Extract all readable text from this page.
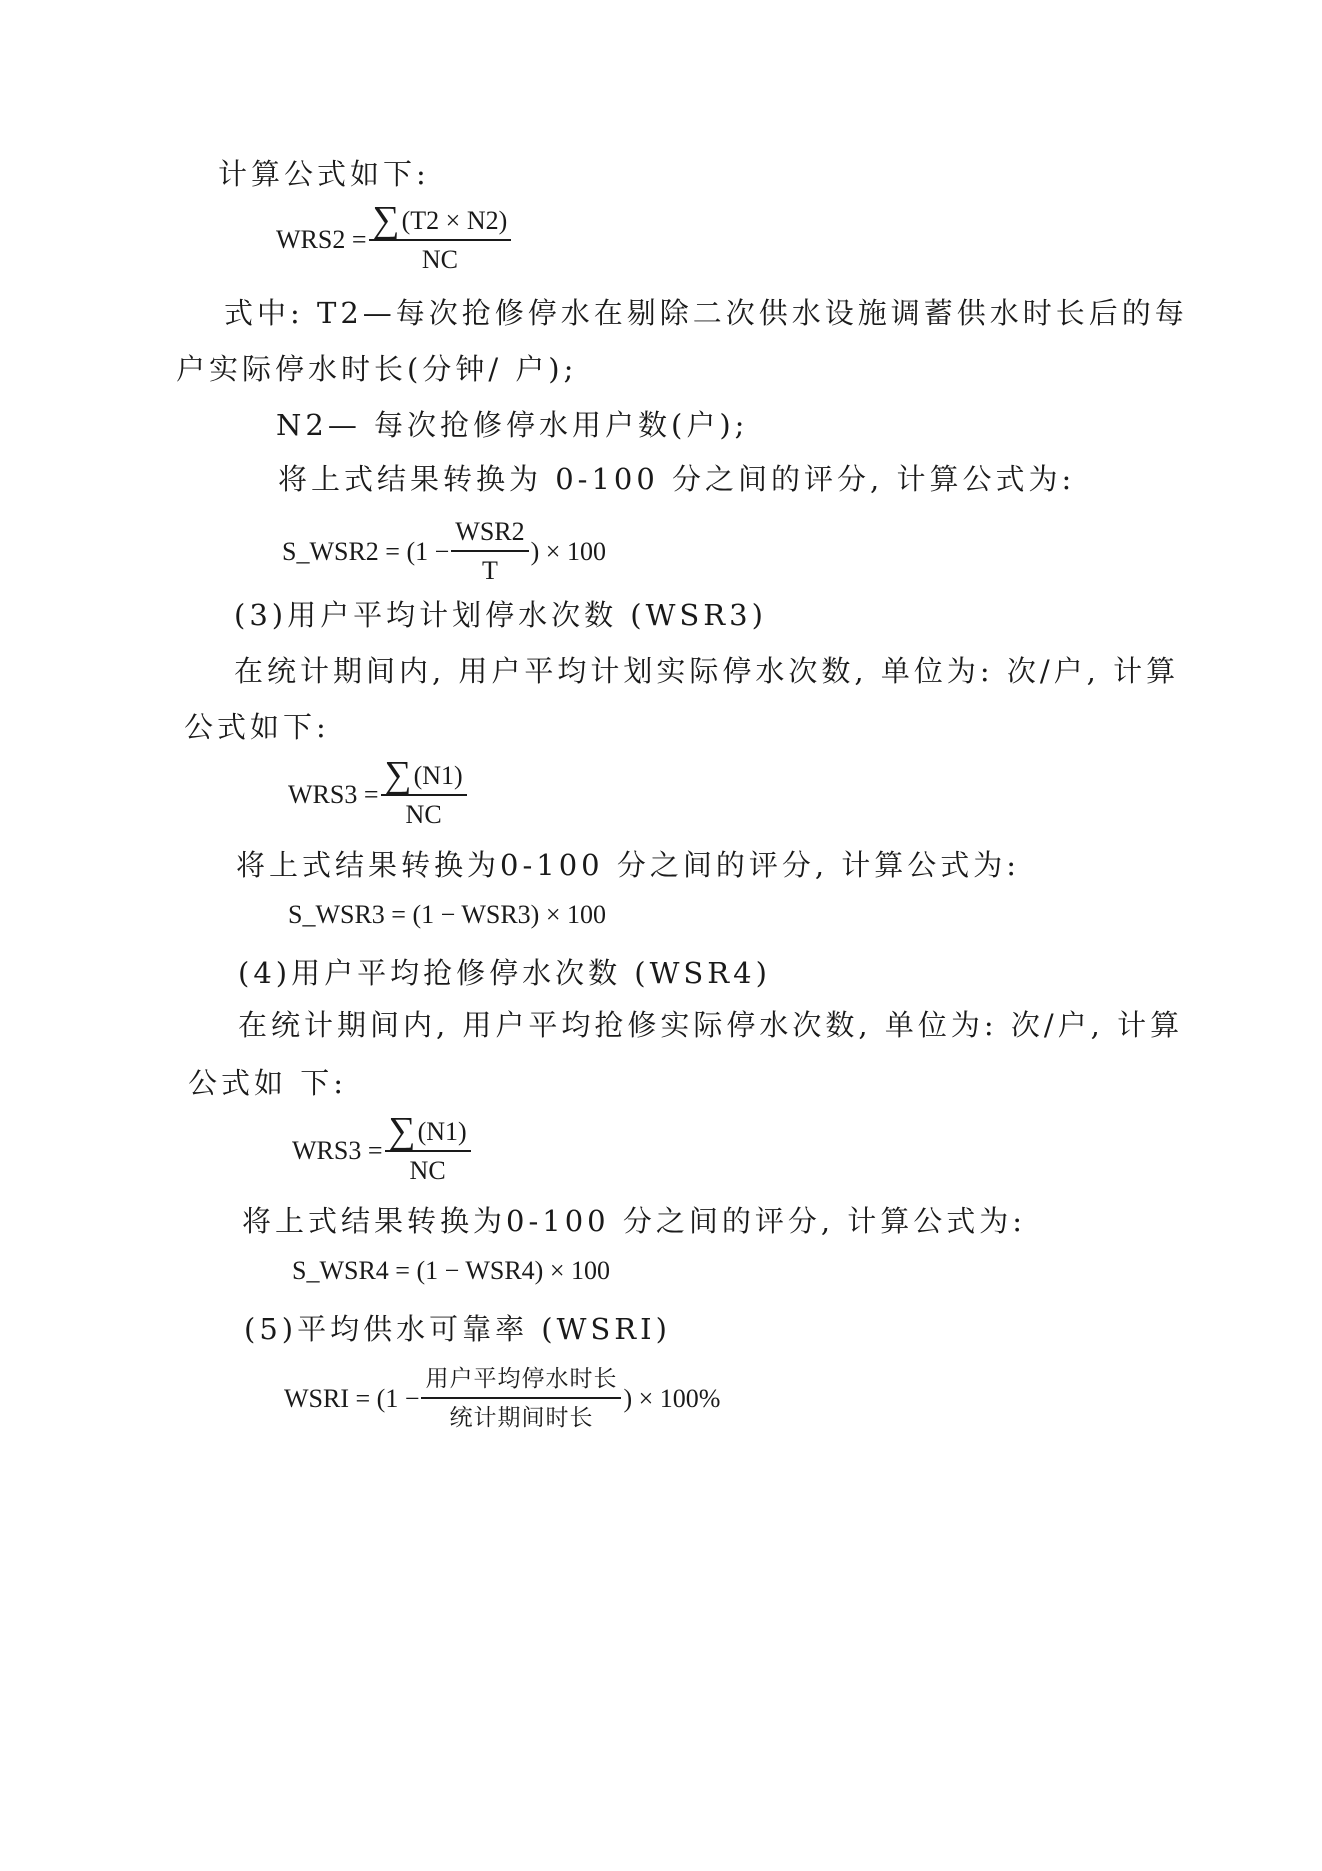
计算公式如下:
$WRS2 = \frac{\sum(T2 \times N2)}{NC}$
式中: T2—每次抢修停水在剔除二次供水设施调蓄供水时长后的每
户实际停水时长(分钟/ 户);
N2— 每次抢修停水用户数(户);
将上式结果转换为 0-100 分之间的评分, 计算公式为:
S_WSR2 = ($1 - \frac{\text{WSR2}}{T}$ ) × 100
(3)用户平均计划停水次数 (WSR3)
在统计期间内, 用户平均计划实际停水次数, 单位为: 次/户, 计算
公式如下:
$WRS3 = \frac{\sum(N1)}{NC}$
将上式结果转换为0-100 分之间的评分, 计算公式为:
S_WSR3 = (1 − WSR3) × 100
(4)用户平均抢修停水次数 (WSR4)
在统计期间内, 用户平均抢修实际停水次数, 单位为: 次/户, 计算
公式如 下:
$WRS3 = \frac{\sum(N1)}{NC}$
将上式结果转换为0-100 分之间的评分, 计算公式为:
S_WSR4 = (1 − WSR4) × 100
(5)平均供水可靠率 (WSRI)
WSRI = ($1 - \frac{\text{用户平均停水时长}}{\text{统计期间时长}}$ ) × 100%
